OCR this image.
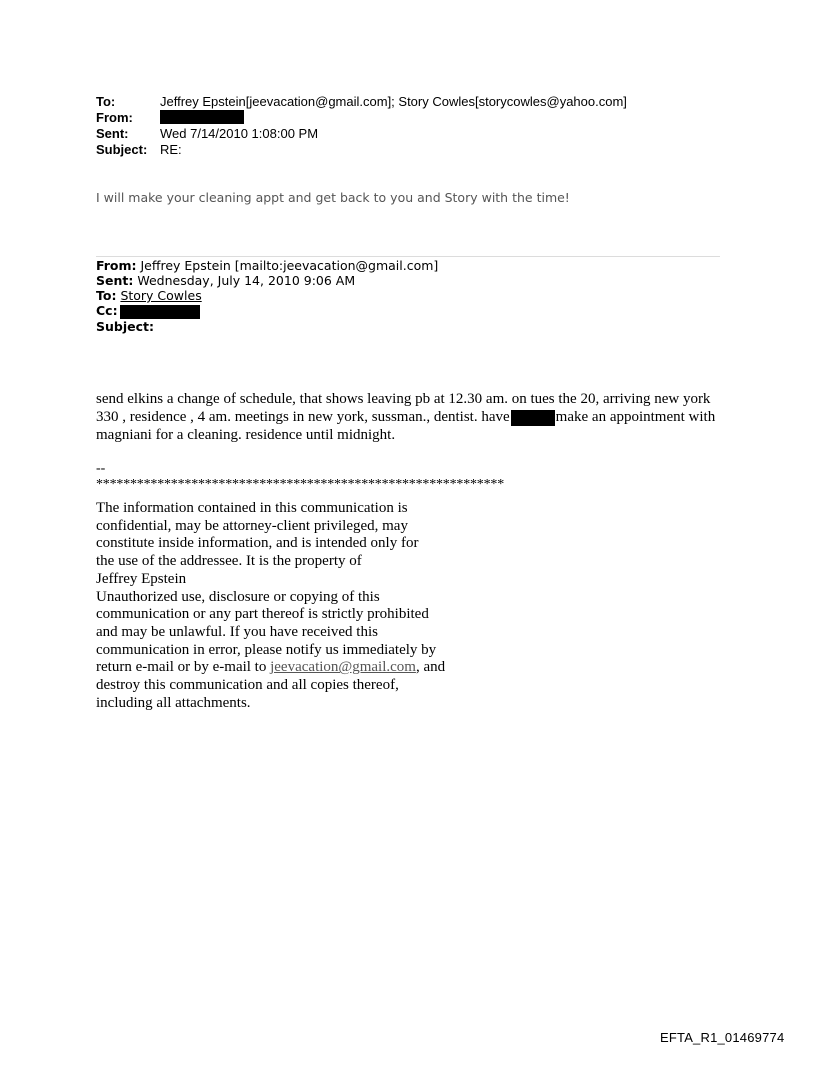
To:	Jeffrey Epstein[jeevacation@gmail.com]; Story Cowles[storycowles@yahoo.com]
From:
Sent:	Wed 7/14/2010 1:08:00 PM
Subject: RE:
I will make your cleaning appt and get back to you and Story with the time!
From: Jeffrey Epstein [mailto:jeevacation@gmail.com]
Sent: Wednesday, July 14, 2010 9:06 AM
To: Story Cowles
Cc:
Subject:
send elkins a change of schedule, that shows leaving pb at 12.30 am. on tues the 20, arriving new york 330 , residence , 4 am. meetings in new york, sussman., dentist. have	make an appointment with magniani for a cleaning. residence until midnight.
--
************************************************************
The information contained in this communication is
confidential, may be attorney-client privileged, may
constitute inside information, and is intended only for
the use of the addressee. It is the property of
Jeffrey Epstein
Unauthorized use, disclosure or copying of this
communication or any part thereof is strictly prohibited
and may be unlawful. If you have received this
communication in error, please notify us immediately by
return e-mail or by e-mail to jeevacation@gmail.com, and
destroy this communication and all copies thereof,
including all attachments.
EFTA_R1_01469774
